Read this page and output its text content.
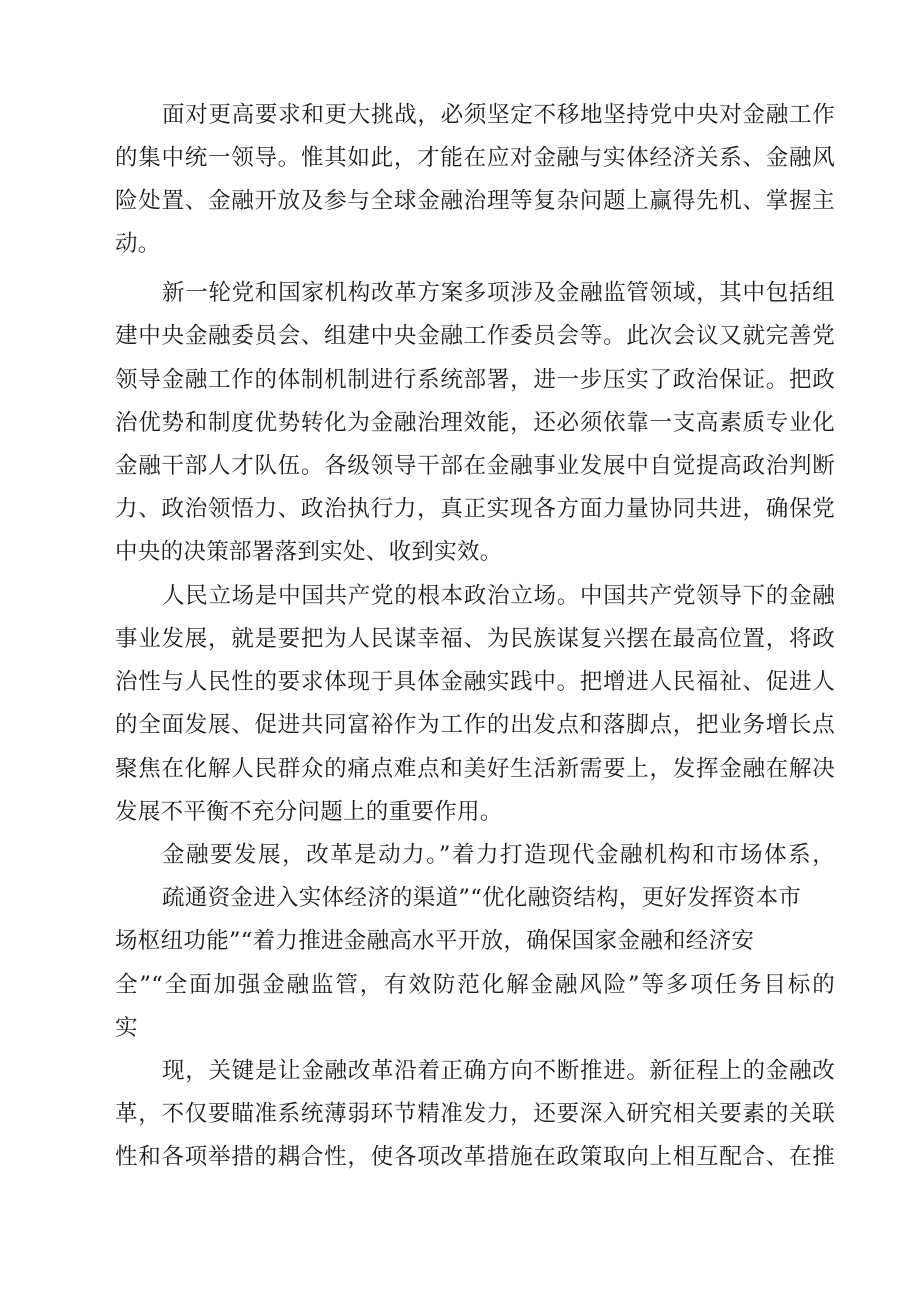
面对更高要求和更大挑战，必须坚定不移地坚持党中央对金融工作
的集中统一领导。惟其如此，才能在应对金融与实体经济关系、金融风
险处置、金融开放及参与全球金融治理等复杂问题上赢得先机、掌握主
动。
新一轮党和国家机构改革方案多项涉及金融监管领域，其中包括组
建中央金融委员会、组建中央金融工作委员会等。此次会议又就完善党
领导金融工作的体制机制进行系统部署，进一步压实了政治保证。把政
治优势和制度优势转化为金融治理效能，还必须依靠一支高素质专业化
金融干部人才队伍。各级领导干部在金融事业发展中自觉提高政治判断
力、政治领悟力、政治执行力，真正实现各方面力量协同共进，确保党
中央的决策部署落到实处、收到实效。
人民立场是中国共产党的根本政治立场。中国共产党领导下的金融
事业发展，就是要把为人民谋幸福、为民族谋复兴摆在最高位置，将政
治性与人民性的要求体现于具体金融实践中。把增进人民福祉、促进人
的全面发展、促进共同富裕作为工作的出发点和落脚点，把业务增长点
聚焦在化解人民群众的痛点难点和美好生活新需要上，发挥金融在解决
发展不平衡不充分问题上的重要作用。
金融要发展，改革是动力。”着力打造现代金融机构和市场体系，
疏通资金进入实体经济的渠道”“优化融资结构，更好发挥资本市
场枢纽功能”“着力推进金融高水平开放，确保国家金融和经济安
全”“全面加强金融监管，有效防范化解金融风险”等多项任务目标的
实
现，关键是让金融改革沿着正确方向不断推进。新征程上的金融改
革，不仅要瞄准系统薄弱环节精准发力，还要深入研究相关要素的关联
性和各项举措的耦合性，使各项改革措施在政策取向上相互配合、在推
